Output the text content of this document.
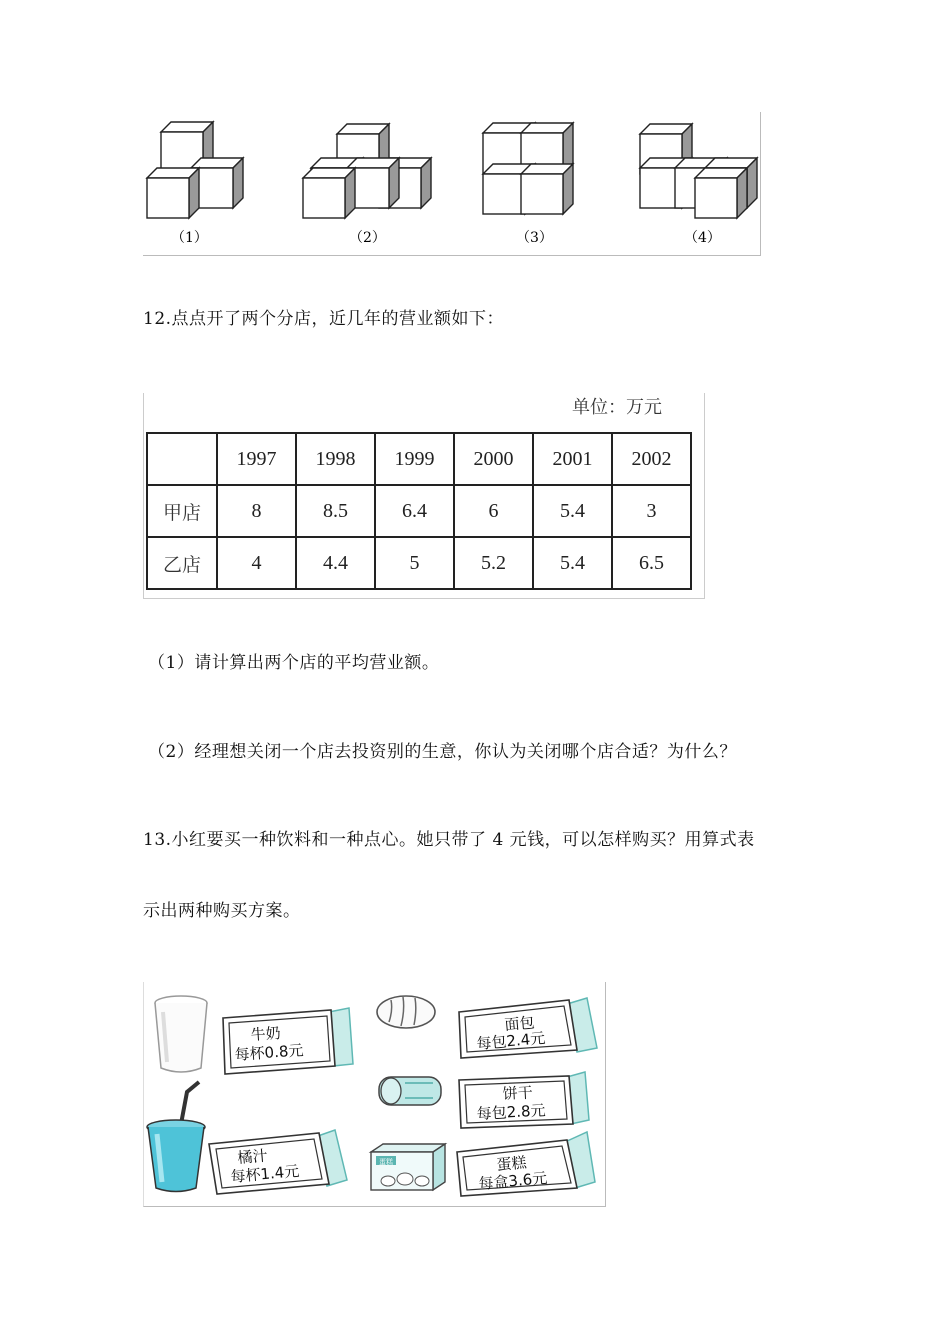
（1）	（2）	（3）	（4）
12.点点开了两个分店，近几年的营业额如下：
单位：万元
	1997	1998	1999	2000	2001	2002
甲店	8	8.5	6.4	6	5.4	3
乙店	4	4.4	5	5.2	5.4	6.5
（1）请计算出两个店的平均营业额。
（2）经理想关闭一个店去投资别的生意，你认为关闭哪个店合适？为什么？
13.小红要买一种饮料和一种点心。她只带了 4 元钱，可以怎样购买？用算式表
示出两种购买方案。
蛋糕
牛奶
每杯0.8元
橘汁
每杯1.4元
面包
每包2.4元
饼干
每包2.8元
蛋糕
每盒3.6元
